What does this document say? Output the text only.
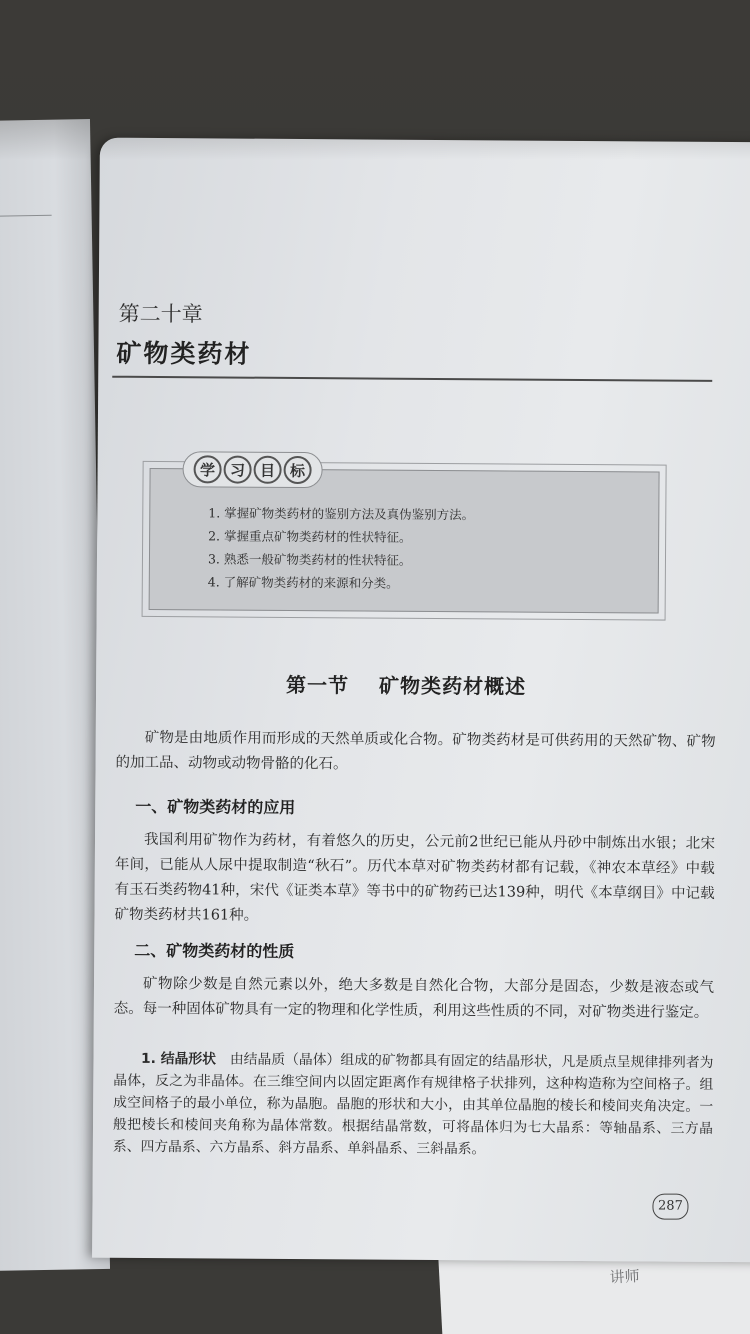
讲师
第二十章
矿物类药材
学 习 目 标
1. 掌握矿物类药材的鉴别方法及真伪鉴别方法。
2. 掌握重点矿物类药材的性状特征。
3. 熟悉一般矿物类药材的性状特征。
4. 了解矿物类药材的来源和分类。
第一节 矿物类药材概述

矿物是由地质作用而形成的天然单质或化合物。矿物类药材是可供药用的天然矿物、矿物的加工品、动物或动物骨骼的化石。

一、矿物类药材的应用

我国利用矿物作为药材，有着悠久的历史，公元前2世纪已能从丹砂中制炼出水银；北宋年间，已能从人尿中提取制造“秋石”。历代本草对矿物类药材都有记载，《神农本草经》中载有玉石类药物41种，宋代《证类本草》等书中的矿物药已达139种，明代《本草纲目》中记载矿物类药材共161种。

二、矿物类药材的性质

矿物除少数是自然元素以外，绝大多数是自然化合物，大部分是固态，少数是液态或气态。每一种固体矿物具有一定的物理和化学性质，利用这些性质的不同，对矿物类进行鉴定。

1. 结晶形状　 由结晶质（晶体）组成的矿物都具有固定的结晶形状，凡是质点呈规律排列者为晶体，反之为非晶体。在三维空间内以固定距离作有规律格子状排列，这种构造称为空间格子。组成空间格子的最小单位，称为晶胞。晶胞的形状和大小，由其单位晶胞的棱长和棱间夹角决定。一般把棱长和棱间夹角称为晶体常数。根据结晶常数，可将晶体归为七大晶系：等轴晶系、三方晶系、四方晶系、六方晶系、斜方晶系、单斜晶系、三斜晶系。

287
